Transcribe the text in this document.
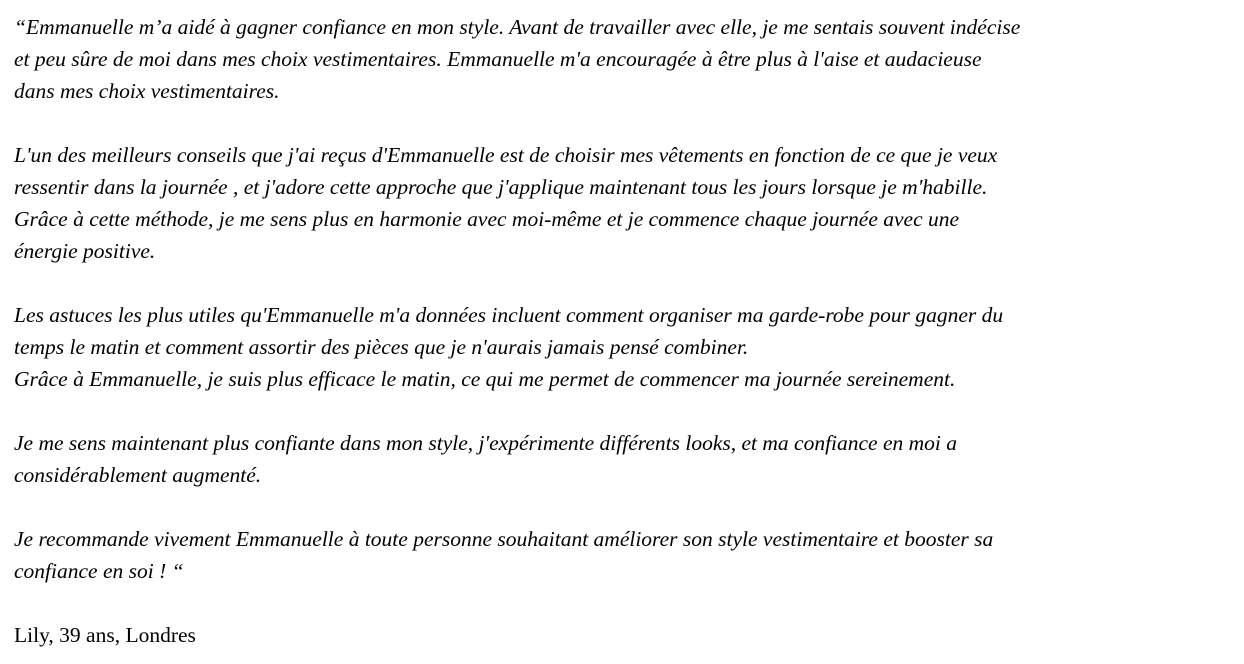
“Emmanuelle m’a aidé à gagner confiance en mon style. Avant de travailler avec elle, je me sentais souvent indécise
et peu sûre de moi dans mes choix vestimentaires. Emmanuelle m'a encouragée à être plus à l'aise et audacieuse
dans mes choix vestimentaires.

L'un des meilleurs conseils que j'ai reçus d'Emmanuelle est de choisir mes vêtements en fonction de ce que je veux
ressentir dans la journée , et j'adore cette approche que j'applique maintenant tous les jours lorsque je m'habille.
Grâce à cette méthode, je me sens plus en harmonie avec moi-même et je commence chaque journée avec une
énergie positive.

Les astuces les plus utiles qu'Emmanuelle m'a données incluent comment organiser ma garde-robe pour gagner du
temps le matin et comment assortir des pièces que je n'aurais jamais pensé combiner.
Grâce à Emmanuelle, je suis plus efficace le matin, ce qui me permet de commencer ma journée sereinement.

Je me sens maintenant plus confiante dans mon style, j'expérimente différents looks, et ma confiance en moi a
considérablement augmenté.

Je recommande vivement Emmanuelle à toute personne souhaitant améliorer son style vestimentaire et booster sa
confiance en soi ! “

Lily, 39 ans, Londres
